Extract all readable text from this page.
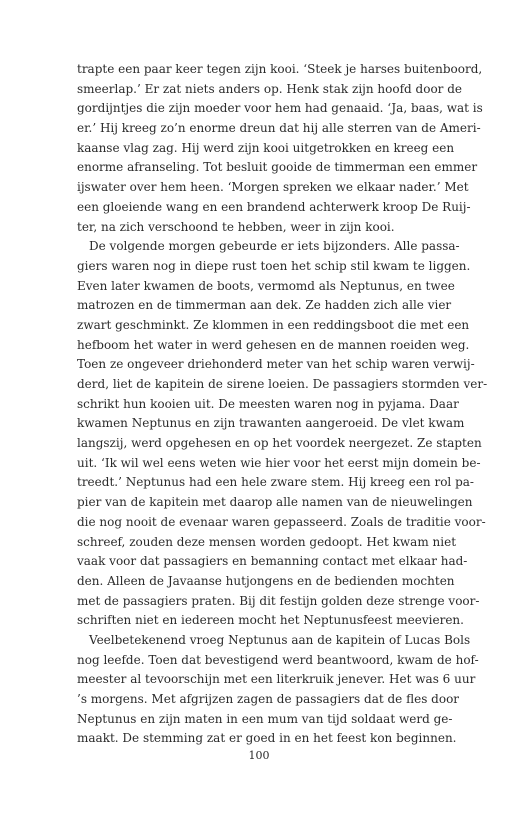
trapte een paar keer tegen zijn kooi. ‘Steek je harses buitenboord,
smeerlap.’ Er zat niets anders op. Henk stak zijn hoofd door de
gordijntjes die zijn moeder voor hem had genaaid. ‘Ja, baas, wat is
er.’ Hij kreeg zo’n enorme dreun dat hij alle sterren van de Ameri-
kaanse vlag zag. Hij werd zijn kooi uitgetrokken en kreeg een
enorme afranseling. Tot besluit gooide de timmerman een emmer
ijswater over hem heen. ‘Morgen spreken we elkaar nader.’ Met
een gloeiende wang en een brandend achterwerk kroop De Ruij-
ter, na zich verschoond te hebben, weer in zijn kooi.
De volgende morgen gebeurde er iets bijzonders. Alle passa-
giers waren nog in diepe rust toen het schip stil kwam te liggen.
Even later kwamen de boots, vermomd als Neptunus, en twee
matrozen en de timmerman aan dek. Ze hadden zich alle vier
zwart geschminkt. Ze klommen in een reddingsboot die met een
hefboom het water in werd gehesen en de mannen roeiden weg.
Toen ze ongeveer driehonderd meter van het schip waren verwij-
derd, liet de kapitein de sirene loeien. De passagiers stormden ver-
schrikt hun kooien uit. De meesten waren nog in pyjama. Daar
kwamen Neptunus en zijn trawanten aangeroeid. De vlet kwam
langszij, werd opgehesen en op het voordek neergezet. Ze stapten
uit. ‘Ik wil wel eens weten wie hier voor het eerst mijn domein be-
treedt.’ Neptunus had een hele zware stem. Hij kreeg een rol pa-
pier van de kapitein met daarop alle namen van de nieuwelingen
die nog nooit de evenaar waren gepasseerd. Zoals de traditie voor-
schreef, zouden deze mensen worden gedoopt. Het kwam niet
vaak voor dat passagiers en bemanning contact met elkaar had-
den. Alleen de Javaanse hutjongens en de bedienden mochten
met de passagiers praten. Bij dit festijn golden deze strenge voor-
schriften niet en iedereen mocht het Neptunusfeest meevieren.
Veelbetekenend vroeg Neptunus aan de kapitein of Lucas Bols
nog leefde. Toen dat bevestigend werd beantwoord, kwam de hof-
meester al tevoorschijn met een literkruik jenever. Het was 6 uur
’s morgens. Met afgrijzen zagen de passagiers dat de fles door
Neptunus en zijn maten in een mum van tijd soldaat werd ge-
maakt. De stemming zat er goed in en het feest kon beginnen.
100
